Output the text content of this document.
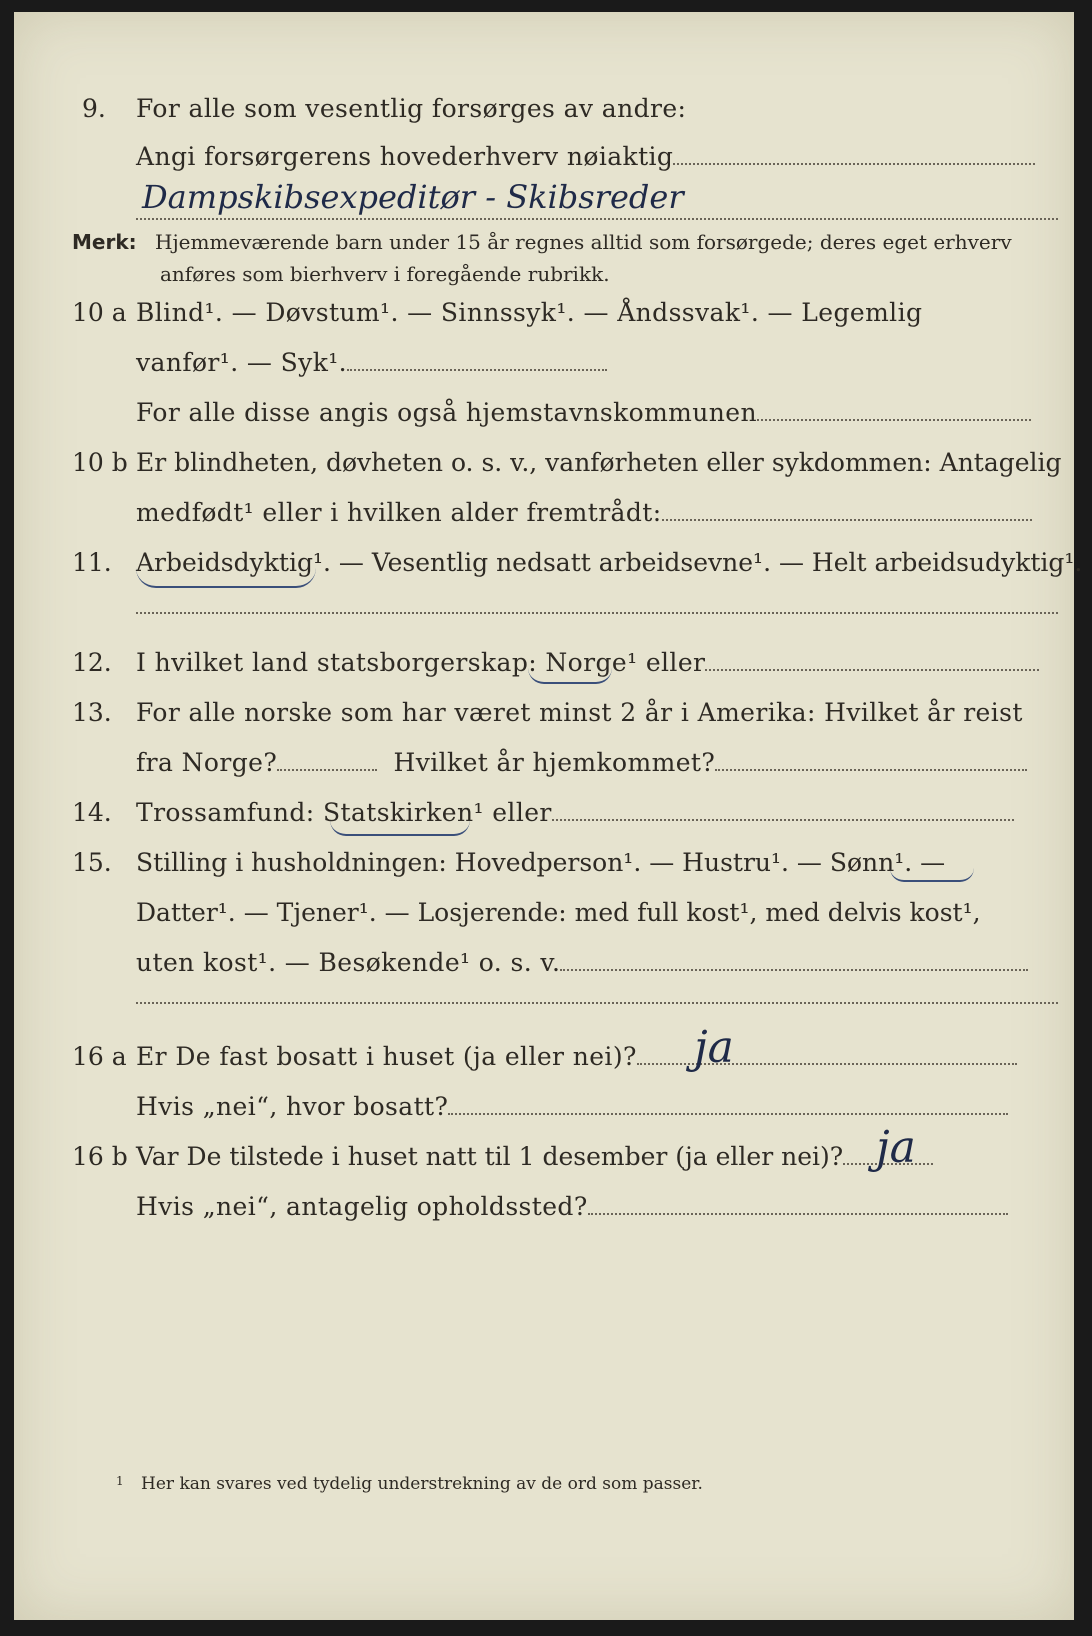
9. For alle som vesentlig forsørges av andre:
Angi forsørgerens hovederhverv nøiaktig
Dampskibsexpeditør - Skibsreder
Merk: Hjemmeværende barn under 15 år regnes alltid som forsørgede; deres eget erhverv
anføres som bierhverv i foregående rubrikk.
10 a Blind¹. — Døvstum¹. — Sinnssyk¹. — Åndssvak¹. — Legemlig
vanfør¹. — Syk¹.
For alle disse angis også hjemstavnskommunen
10 b Er blindheten, døvheten o. s. v., vanførheten eller sykdommen: Antagelig
medfødt¹ eller i hvilken alder fremtrådt:
11. Arbeidsdyktig¹. — Vesentlig nedsatt arbeidsevne¹. — Helt arbeidsudyktig¹.
12. I hvilket land statsborgerskap: Norge¹ eller
13. For alle norske som har været minst 2 år i Amerika: Hvilket år reist
fra Norge?	Hvilket år hjemkommet?
14. Trossamfund: Statskirken¹ eller
15. Stilling i husholdningen: Hovedperson¹. — Hustru¹. — Sønn¹. —
Datter¹. — Tjener¹. — Losjerende: med full kost¹, med delvis kost¹,
uten kost¹. — Besøkende¹ o. s. v.
16 a Er De fast bosatt i huset (ja eller nei)?	ja
Hvis „nei“, hvor bosatt?
16 b Var De tilstede i huset natt til 1 desember (ja eller nei)? ja
Hvis „nei“, antagelig opholdssted?
$^1$ Her kan svares ved tydelig understrekning av de ord som passer.
